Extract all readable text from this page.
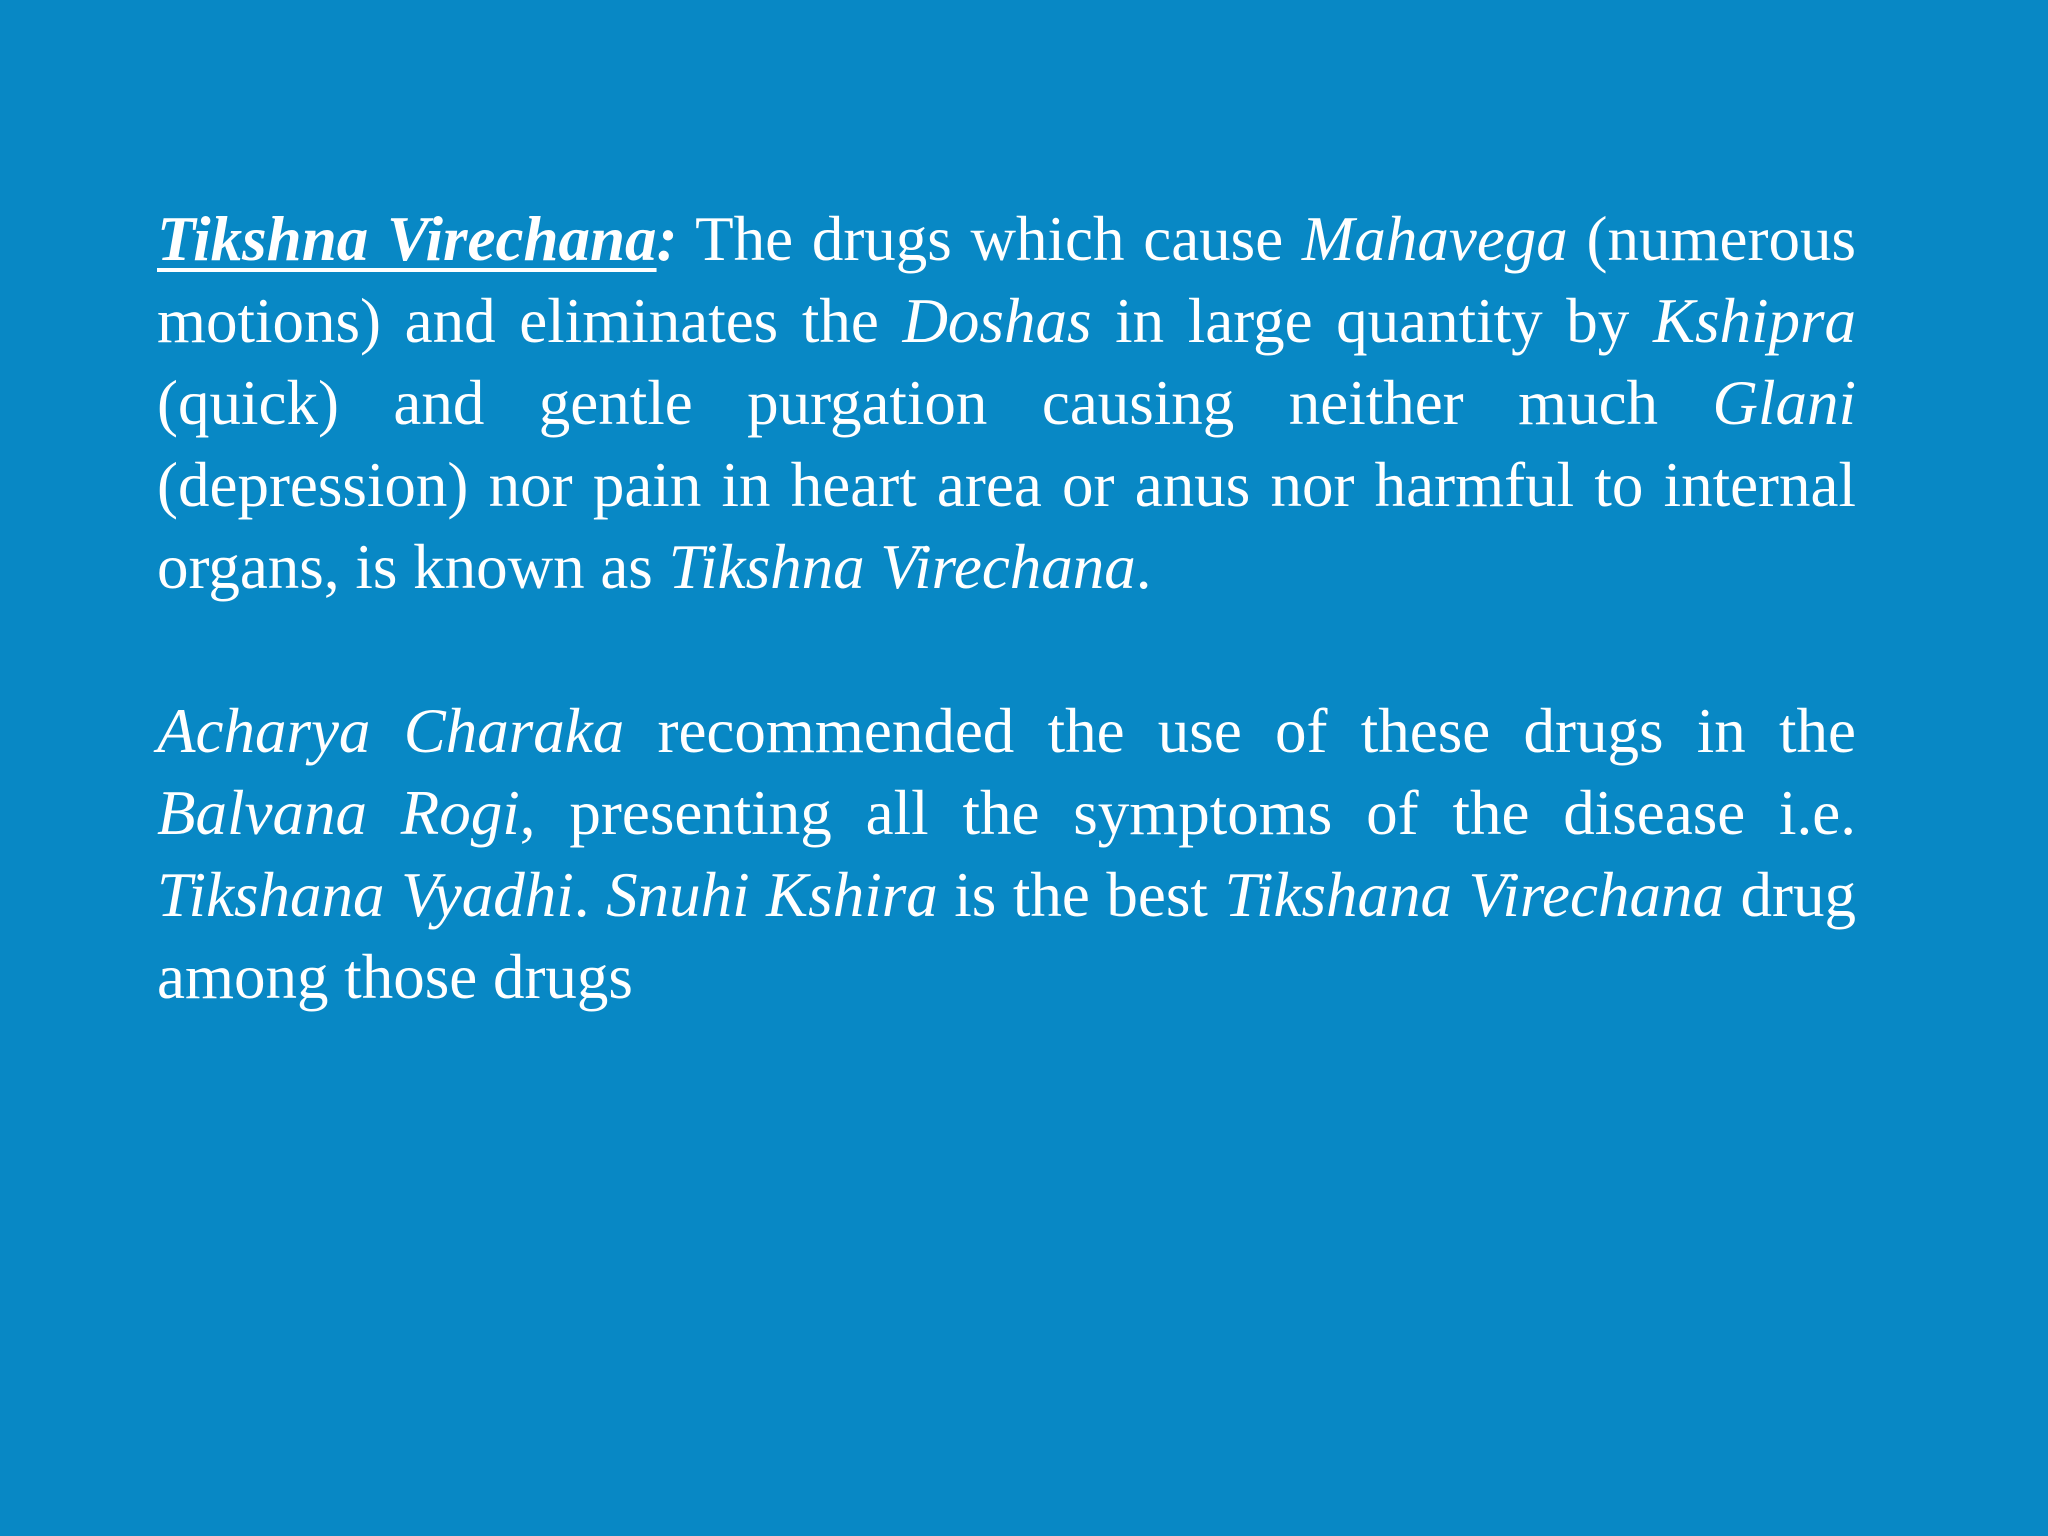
Tikshna Virechana: The drugs which cause Mahavega (numerous motions) and eliminates the Doshas in large quantity by Kshipra (quick) and gentle purgation causing neither much Glani (depression) nor pain in heart area or anus nor harmful to internal organs, is known as Tikshna Virechana.

Acharya Charaka recommended the use of these drugs in the Balvana Rogi, presenting all the symptoms of the disease i.e. Tikshana Vyadhi. Snuhi Kshira is the best Tikshana Virechana drug among those drugs
